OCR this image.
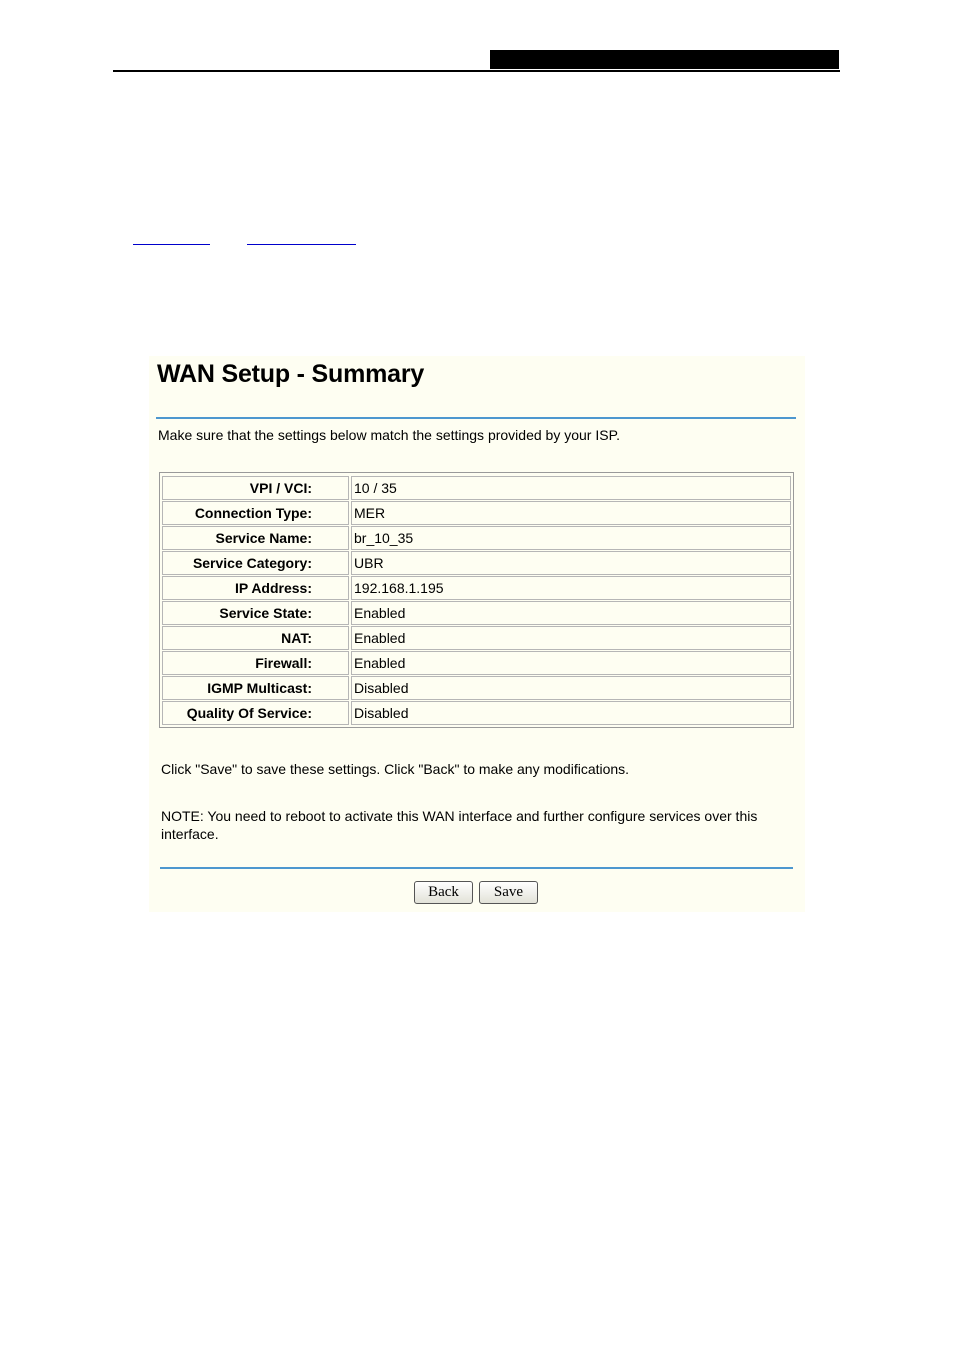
WAN Setup - Summary
Make sure that the settings below match the settings provided by your ISP.
VPI / VCI:	10 / 35
Connection Type:	MER
Service Name:	br_10_35
Service Category:	UBR
IP Address:	192.168.1.195
Service State:	Enabled
NAT:	Enabled
Firewall:	Enabled
IGMP Multicast:	Disabled
Quality Of Service:	Disabled
Click "Save" to save these settings. Click "Back" to make any modifications.
NOTE: You need to reboot to activate this WAN interface and further configure services over this interface.
Back	Save
